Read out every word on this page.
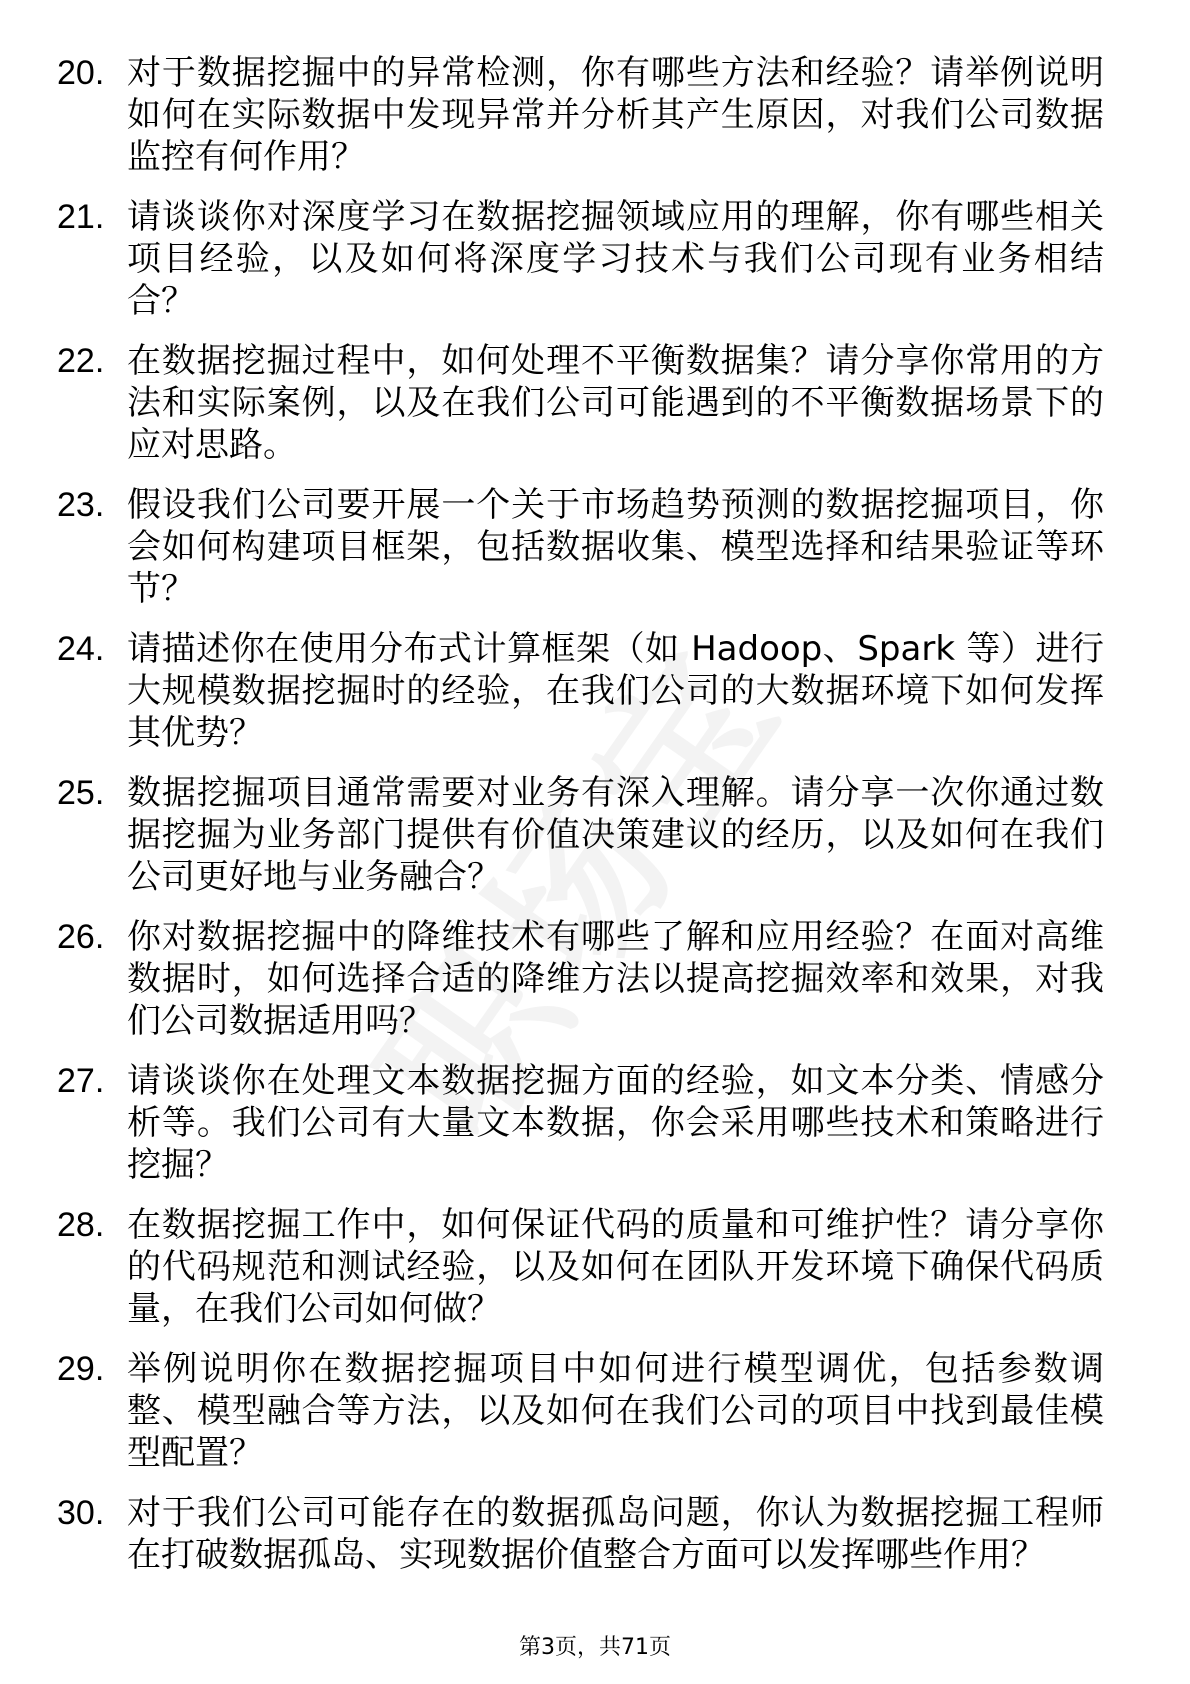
20. 对于数据挖掘中的异常检测，你有哪些方法和经验？请举例说明如何在实际数据中发现异常并分析其产生原因，对我们公司数据监控有何作用？
21. 请谈谈你对深度学习在数据挖掘领域应用的理解，你有哪些相关项目经验，以及如何将深度学习技术与我们公司现有业务相结合？
22. 在数据挖掘过程中，如何处理不平衡数据集？请分享你常用的方法和实际案例，以及在我们公司可能遇到的不平衡数据场景下的应对思路。
23. 假设我们公司要开展一个关于市场趋势预测的数据挖掘项目，你会如何构建项目框架，包括数据收集、模型选择和结果验证等环节？
24. 请描述你在使用分布式计算框架（如 Hadoop、Spark 等）进行大规模数据挖掘时的经验，在我们公司的大数据环境下如何发挥其优势？
25. 数据挖掘项目通常需要对业务有深入理解。请分享一次你通过数据挖掘为业务部门提供有价值决策建议的经历，以及如何在我们公司更好地与业务融合？
26. 你对数据挖掘中的降维技术有哪些了解和应用经验？在面对高维数据时，如何选择合适的降维方法以提高挖掘效率和效果，对我们公司数据适用吗？
27. 请谈谈你在处理文本数据挖掘方面的经验，如文本分类、情感分析等。我们公司有大量文本数据，你会采用哪些技术和策略进行挖掘？
28. 在数据挖掘工作中，如何保证代码的质量和可维护性？请分享你的代码规范和测试经验，以及如何在团队开发环境下确保代码质量，在我们公司如何做？
29. 举例说明你在数据挖掘项目中如何进行模型调优，包括参数调整、模型融合等方法，以及如何在我们公司的项目中找到最佳模型配置？
30. 对于我们公司可能存在的数据孤岛问题，你认为数据挖掘工程师在打破数据孤岛、实现数据价值整合方面可以发挥哪些作用？
第3页，共71页
